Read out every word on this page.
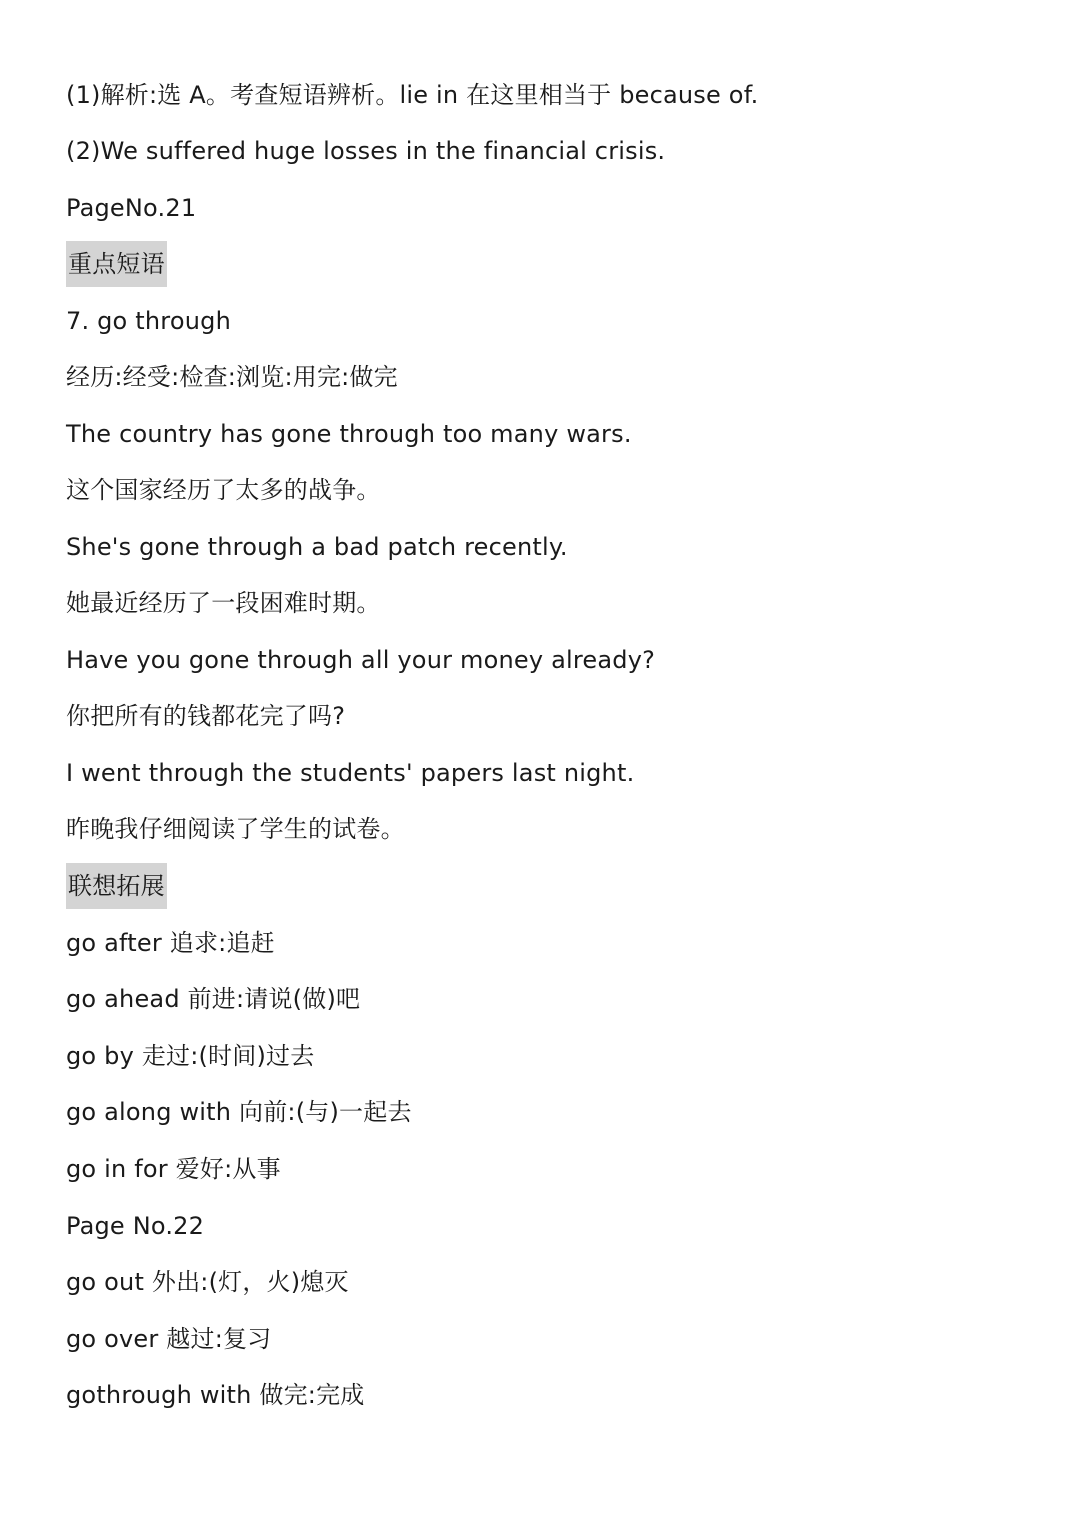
(1)解析:选 A。考查短语辨析。lie in 在这里相当于 because of.
(2)We suffered huge losses in the financial crisis.
PageNo.21
重点短语
7. go through
经历:经受:检查:浏览:用完:做完
The country has gone through too many wars.
这个国家经历了太多的战争。
She's gone through a bad patch recently.
她最近经历了一段困难时期。
Have you gone through all your money already?
你把所有的钱都花完了吗?
I went through the students' papers last night.
昨晚我仔细阅读了学生的试卷。
联想拓展
go after 追求:追赶
go ahead 前进:请说(做)吧
go by 走过:(时间)过去
go along with 向前:(与)一起去
go in for 爱好:从事
Page No.22
go out 外出:(灯，火)熄灭
go over 越过:复习
gothrough with 做完:完成
